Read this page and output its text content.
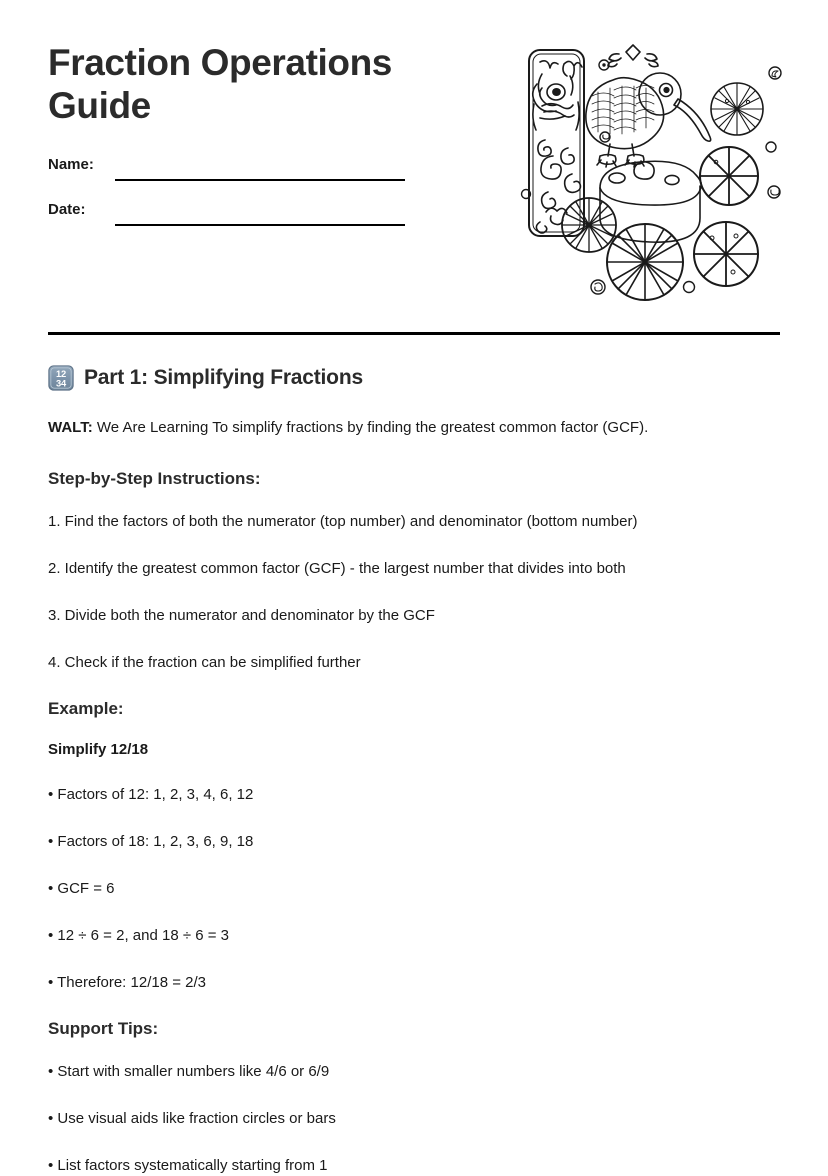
Fraction Operations Guide
Name:
Date:
12
34 Part 1: Simplifying Fractions

WALT: We Are Learning To simplify fractions by finding the greatest common factor (GCF).

Step-by-Step Instructions:

1. Find the factors of both the numerator (top number) and denominator (bottom number)

2. Identify the greatest common factor (GCF) - the largest number that divides into both

3. Divide both the numerator and denominator by the GCF

4. Check if the fraction can be simplified further

Example:

Simplify 12/18

• Factors of 12: 1, 2, 3, 4, 6, 12

• Factors of 18: 1, 2, 3, 6, 9, 18

• GCF = 6

• 12 ÷ 6 = 2, and 18 ÷ 6 = 3

• Therefore: 12/18 = 2/3

Support Tips:

• Start with smaller numbers like 4/6 or 6/9

• Use visual aids like fraction circles or bars

• List factors systematically starting from 1
